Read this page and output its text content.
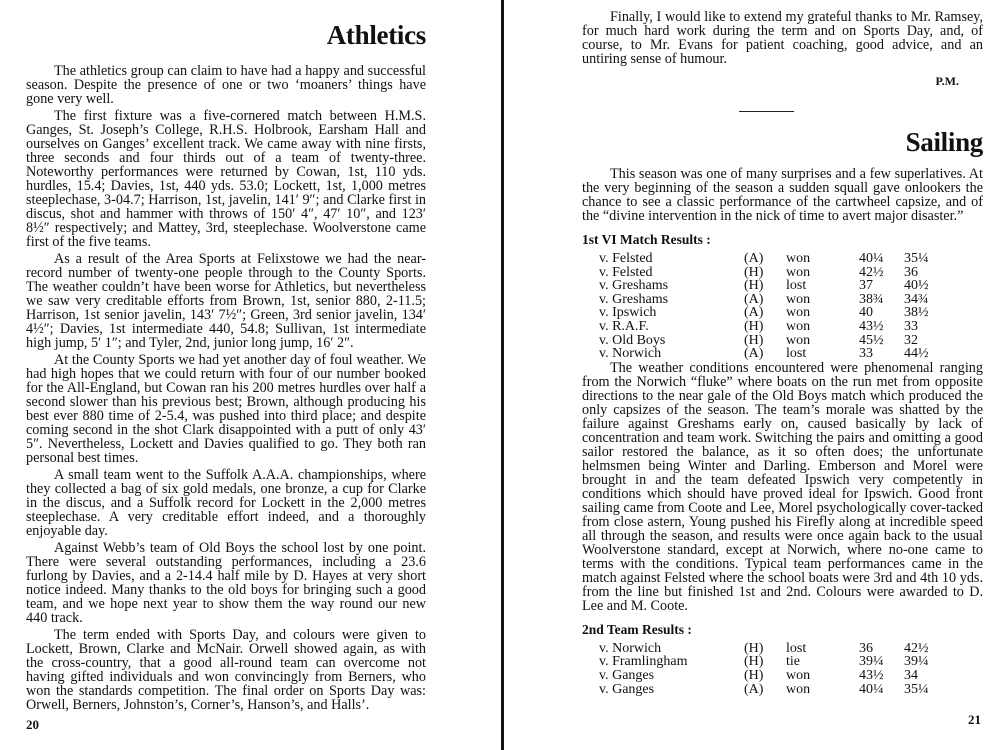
Athletics

The athletics group can claim to have had a happy and successful season. Despite the presence of one or two ‘moaners’ things have gone very well.

The first fixture was a five-cornered match between H.M.S. Ganges, St. Joseph’s College, R.H.S. Holbrook, Earsham Hall and ourselves on Ganges’ excellent track. We came away with nine firsts, three seconds and four thirds out of a team of twenty-three. Noteworthy performances were returned by Cowan, 1st, 110 yds. hurdles, 15.4; Davies, 1st, 440 yds. 53.0; Lockett, 1st, 1,000 metres steeplechase, 3-04.7; Harrison, 1st, javelin, 141′ 9″; and Clarke first in discus, shot and hammer with throws of 150′ 4″, 47′ 10″, and 123′ 8½″ respectively; and Mattey, 3rd, steeplechase. Woolverstone came first of the five teams.

As a result of the Area Sports at Felixstowe we had the near-record number of twenty-one people through to the County Sports. The weather couldn’t have been worse for Athletics, but nevertheless we saw very creditable efforts from Brown, 1st, senior 880, 2-11.5; Harrison, 1st senior javelin, 143′ 7½″; Green, 3rd senior javelin, 134′ 4½″; Davies, 1st intermediate 440, 54.8; Sullivan, 1st intermediate high jump, 5′ 1″; and Tyler, 2nd, junior long jump, 16′ 2″.

At the County Sports we had yet another day of foul weather. We had high hopes that we could return with four of our number booked for the All-England, but Cowan ran his 200 metres hurdles over half a second slower than his previous best; Brown, although producing his best ever 880 time of 2-5.4, was pushed into third place; and despite coming second in the shot Clark disappointed with a putt of only 43′ 5″. Nevertheless, Lockett and Davies qualified to go. They both ran personal best times.

A small team went to the Suffolk A.A.A. championships, where they collected a bag of six gold medals, one bronze, a cup for Clarke in the discus, and a Suffolk record for Lockett in the 2,000 metres steeplechase. A very creditable effort indeed, and a thoroughly enjoyable day.

Against Webb’s team of Old Boys the school lost by one point. There were several outstanding performances, including a 23.6 furlong by Davies, and a 2-14.4 half mile by D. Hayes at very short notice indeed. Many thanks to the old boys for bringing such a good team, and we hope next year to show them the way round our new 440 track.

The term ended with Sports Day, and colours were given to Lockett, Brown, Clarke and McNair. Orwell showed again, as with the cross-country, that a good all-round team can overcome not having gifted individuals and won convincingly from Berners, who won the standards competition. The final order on Sports Day was: Orwell, Berners, Johnston’s, Corner’s, Hanson’s, and Halls’.

20

Finally, I would like to extend my grateful thanks to Mr. Ramsey, for much hard work during the term and on Sports Day, and, of course, to Mr. Evans for patient coaching, good advice, and an untiring sense of humour.

P.M.
Sailing

This season was one of many surprises and a few superlatives. At the very beginning of the season a sudden squall gave onlookers the chance to see a classic performance of the cartwheel capsize, and of the “divine intervention in the nick of time to avert major disaster.”

1st VI Match Results :
v. Felsted	(A)	won	40¼	35¼
v. Felsted	(H)	won	42½	36
v. Greshams	(H)	lost	37	40½
v. Greshams	(A)	won	38¾	34¾
v. Ipswich	(A)	won	40	38½
v. R.A.F.	(H)	won	43½	33
v. Old Boys	(H)	won	45½	32
v. Norwich	(A)	lost	33	44½

The weather conditions encountered were phenomenal ranging from the Norwich “fluke” where boats on the run met from opposite directions to the near gale of the Old Boys match which produced the only capsizes of the season. The team’s morale was shatted by the failure against Greshams early on, caused basically by lack of concentration and team work. Switching the pairs and omitting a good sailor restored the balance, as it so often does; the unfortunate helmsmen being Winter and Darling. Emberson and Morel were brought in and the team defeated Ipswich very competently in conditions which should have proved ideal for Ipswich. Good front sailing came from Coote and Lee, Morel psychologically cover-tacked from close astern, Young pushed his Firefly along at incredible speed all through the season, and results were once again back to the usual Woolverstone standard, except at Norwich, where no-one came to terms with the conditions. Typical team performances came in the match against Felsted where the school boats were 3rd and 4th 10 yds. from the line but finished 1st and 2nd. Colours were awarded to D. Lee and M. Coote.

2nd Team Results :
v. Norwich	(H)	lost	36	42½
v. Framlingham	(H)	tie	39¼	39¼
v. Ganges	(H)	won	43½	34
v. Ganges	(A)	won	40¼	35¼
21
